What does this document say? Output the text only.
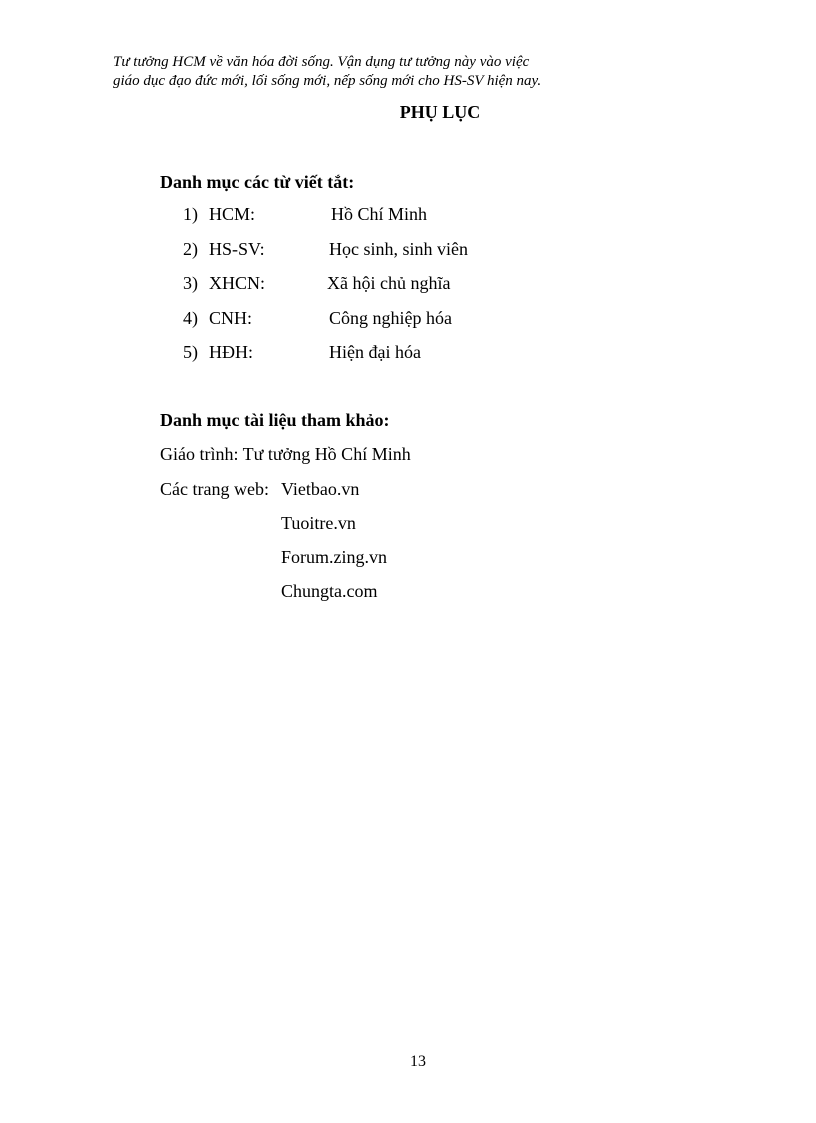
Tư tưởng HCM về văn hóa đời sống. Vận dụng tư tưởng này vào việc
giáo dục đạo đức mới, lối sống mới, nếp sống mới cho HS-SV hiện nay.
PHỤ LỤC
Danh mục các từ viết tắt:
1) HCM:	Hồ Chí Minh
2) HS-SV:	Học sinh, sinh viên
3) XHCN:	Xã hội chủ nghĩa
4) CNH:	Công nghiệp hóa
5) HĐH:	Hiện đại hóa
Danh mục tài liệu tham khảo:
Giáo trình: Tư tưởng Hồ Chí Minh
Các trang web: Vietbao.vn
Tuoitre.vn
Forum.zing.vn
Chungta.com
13
